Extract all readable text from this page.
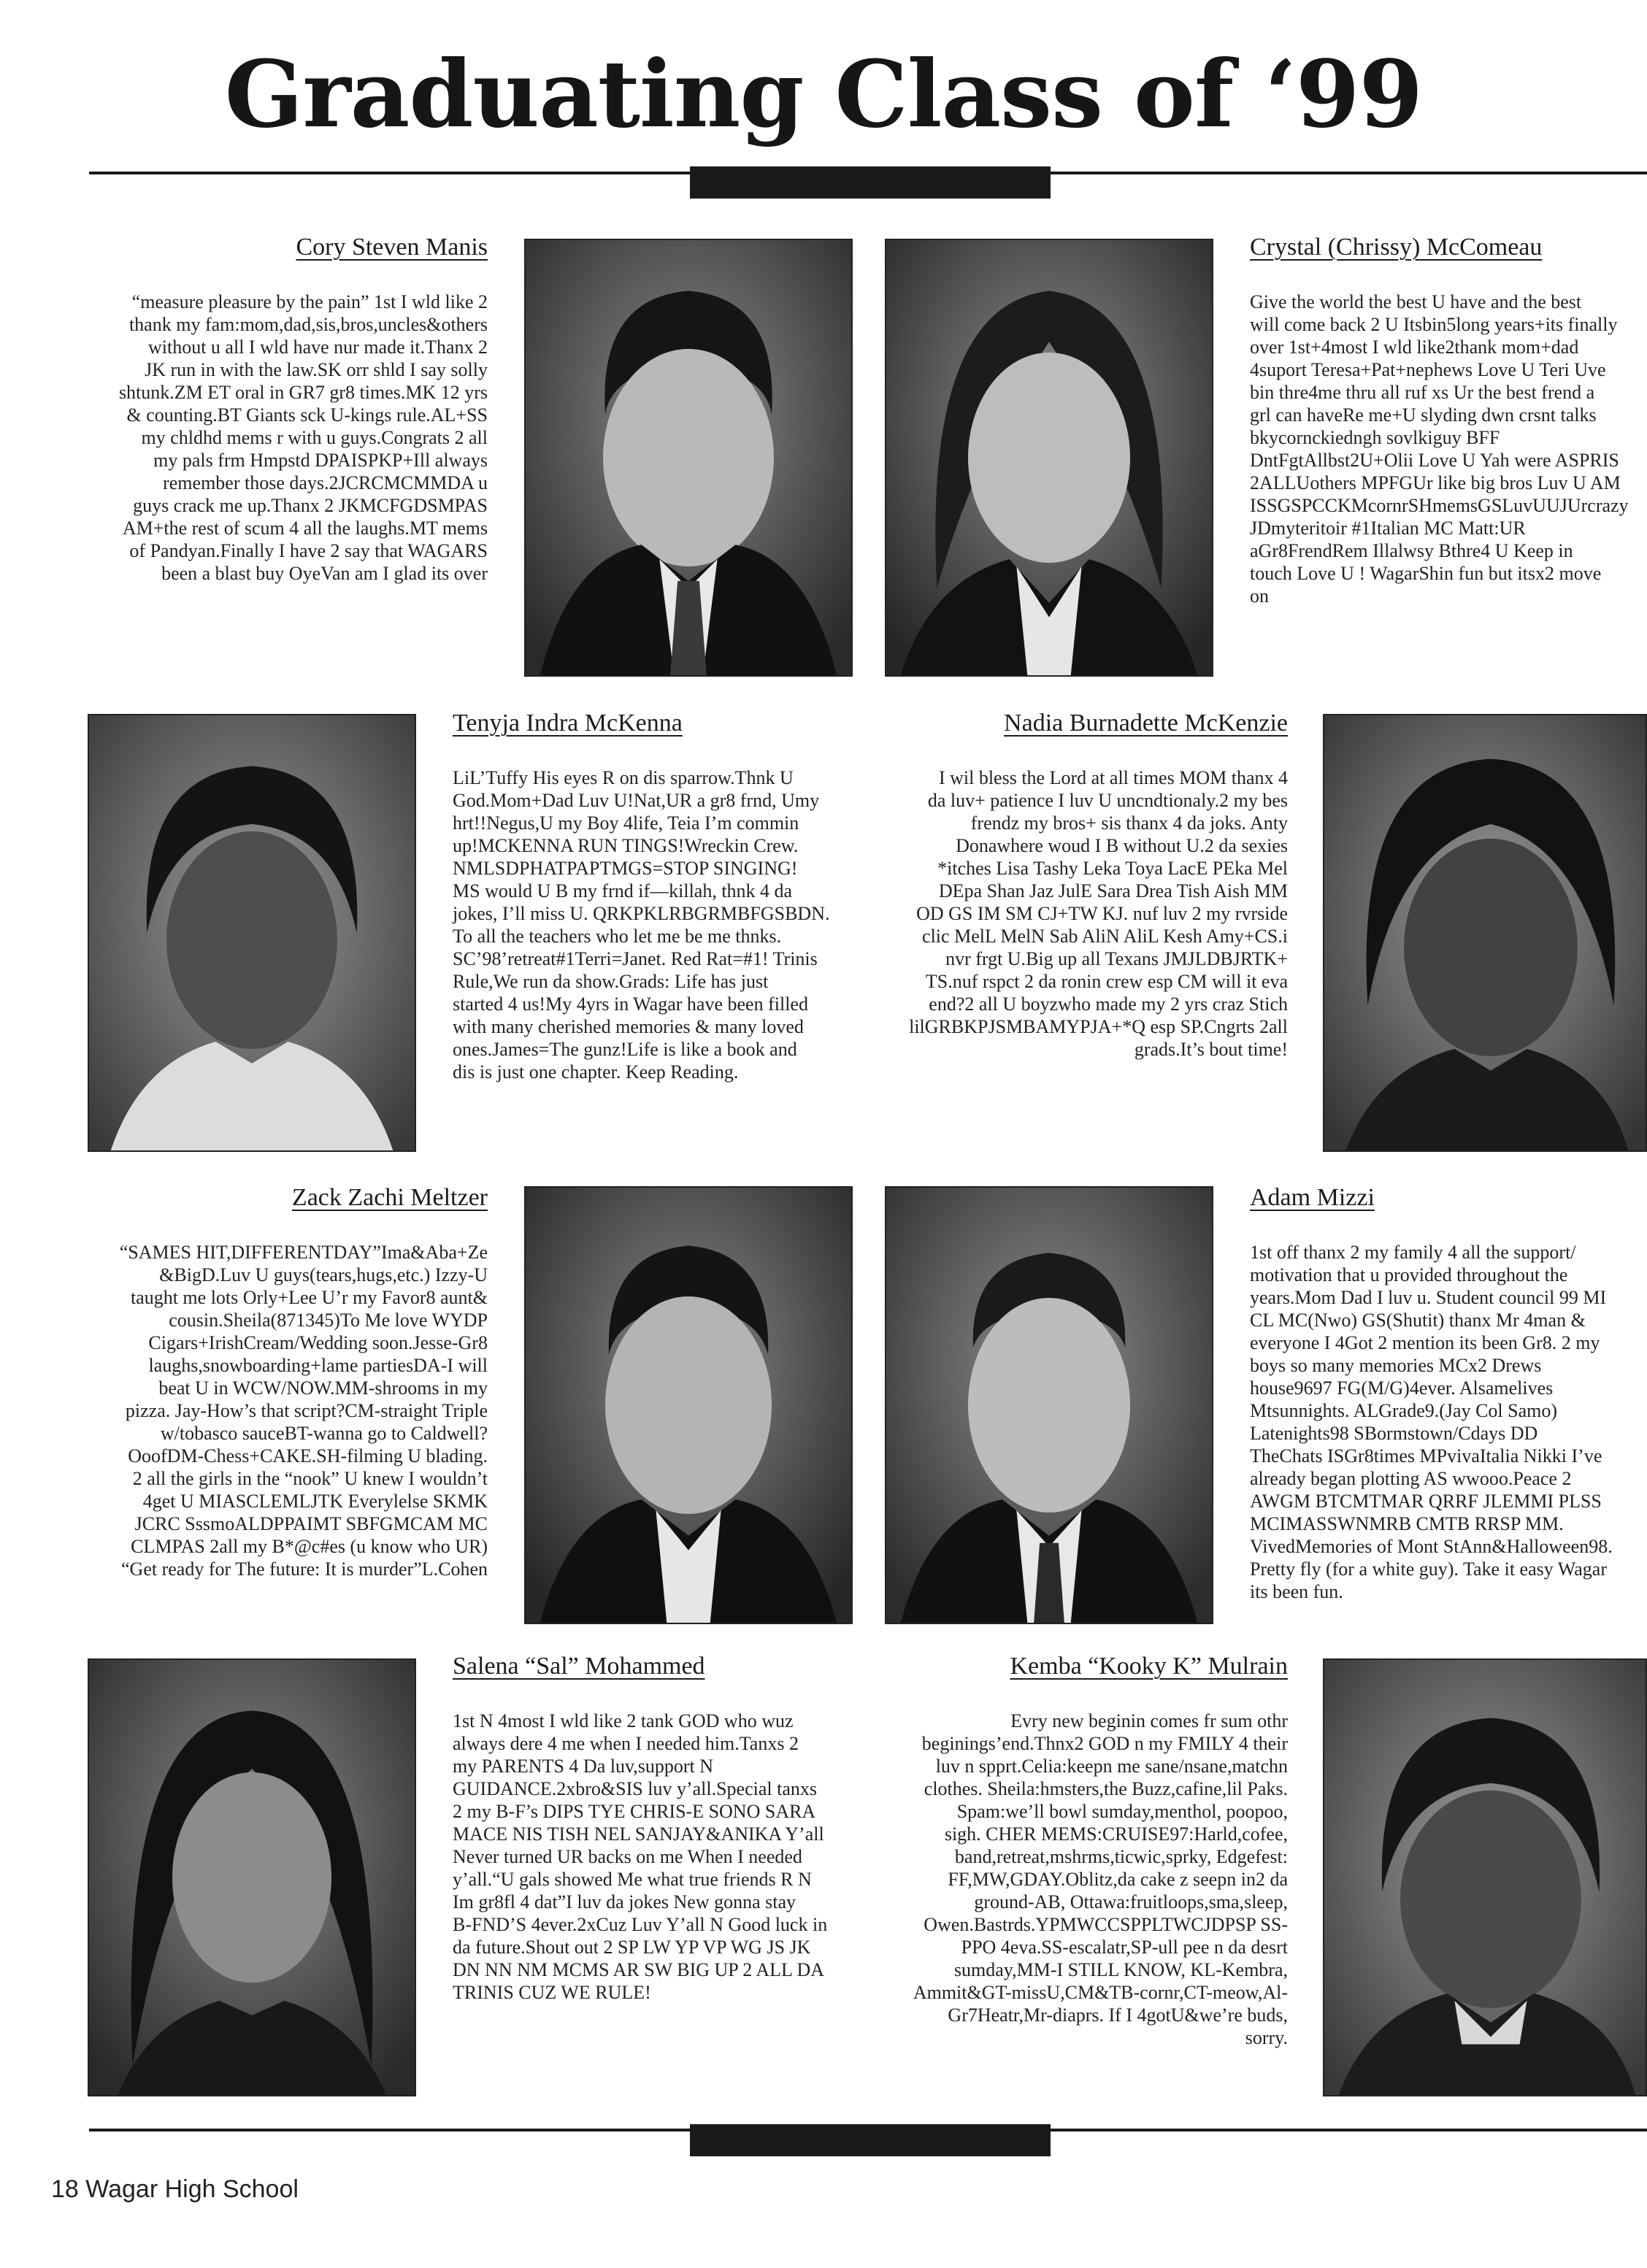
Graduating Class of ‘99
Cory Steven Manis
“measure pleasure by the pain” 1st I wld like 2
thank my fam:mom,dad,sis,bros,uncles&others
without u all I wld have nur made it.Thanx 2
JK run in with the law.SK orr shld I say solly
shtunk.ZM ET oral in GR7 gr8 times.MK 12 yrs
& counting.BT Giants sck U-kings rule.AL+SS
my chldhd mems r with u guys.Congrats 2 all
my pals frm Hmpstd DPAISPKP+Ill always
remember those days.2JCRCMCMMDA u
guys crack me up.Thanx 2 JKMCFGDSMPAS
AM+the rest of scum 4 all the laughs.MT mems
of Pandyan.Finally I have 2 say that WAGARS
been a blast buy OyeVan am I glad its over
Crystal (Chrissy) McComeau
Give the world the best U have and the best
will come back 2 U Itsbin5long years+its finally
over 1st+4most I wld like2thank mom+dad
4suport Teresa+Pat+nephews Love U Teri Uve
bin thre4me thru all ruf xs Ur the best frend a
grl can haveRe me+U slyding dwn crsnt talks
bkycornckiedngh sovlkiguy BFF
DntFgtAllbst2U+Olii Love U Yah were ASPRIS
2ALLUothers MPFGUr like big bros Luv U AM
ISSGSPCCKMcornrSHmemsGSLuvUUJUrcrazy
JDmyteritoir #1Italian MC Matt:UR
aGr8FrendRem Illalwsy Bthre4 U Keep in
touch Love U ! WagarShin fun but itsx2 move
on
Tenyja Indra McKenna
LiL’Tuffy His eyes R on dis sparrow.Thnk U
God.Mom+Dad Luv U!Nat,UR a gr8 frnd, Umy
hrt!!Negus,U my Boy 4life, Teia I’m commin
up!MCKENNA RUN TINGS!Wreckin Crew.
NMLSDPHATPAPTMGS=STOP SINGING!
MS would U B my frnd if—killah, thnk 4 da
jokes, I’ll miss U. QRKPKLRBGRMBFGSBDN.
To all the teachers who let me be me thnks.
SC’98’retreat#1Terri=Janet. Red Rat=#1! Trinis
Rule,We run da show.Grads: Life has just
started 4 us!My 4yrs in Wagar have been filled
with many cherished memories & many loved
ones.James=The gunz!Life is like a book and
dis is just one chapter. Keep Reading.
Nadia Burnadette McKenzie
I wil bless the Lord at all times MOM thanx 4
da luv+ patience I luv U uncndtionaly.2 my bes
frendz my bros+ sis thanx 4 da joks. Anty
Donawhere woud I B without U.2 da sexies
*itches Lisa Tashy Leka Toya LacE PEka Mel
DEpa Shan Jaz JulE Sara Drea Tish Aish MM
OD GS IM SM CJ+TW KJ. nuf luv 2 my rvrside
clic MelL MelN Sab AliN AliL Kesh Amy+CS.i
nvr frgt U.Big up all Texans JMJLDBJRTK+
TS.nuf rspct 2 da ronin crew esp CM will it eva
end?2 all U boyzwho made my 2 yrs craz Stich
lilGRBKPJSMBAMYPJA+*Q esp SP.Cngrts 2all
grads.It’s bout time!
Zack Zachi Meltzer
“SAMES HIT,DIFFERENTDAY”Ima&Aba+Ze
&BigD.Luv U guys(tears,hugs,etc.) Izzy-U
taught me lots Orly+Lee U’r my Favor8 aunt&
cousin.Sheila(871345)To Me love WYDP
Cigars+IrishCream/Wedding soon.Jesse-Gr8
laughs,snowboarding+lame partiesDA-I will
beat U in WCW/NOW.MM-shrooms in my
pizza. Jay-How’s that script?CM-straight Triple
w/tobasco sauceBT-wanna go to Caldwell?
OoofDM-Chess+CAKE.SH-filming U blading.
2 all the girls in the “nook” U knew I wouldn’t
4get U MIASCLEMLJTK Everylelse SKMK
JCRC SssmoALDPPAIMT SBFGMCAM MC
CLMPAS 2all my B*@c#es (u know who UR)
“Get ready for The future: It is murder”L.Cohen
Adam Mizzi
1st off thanx 2 my family 4 all the support/
motivation that u provided throughout the
years.Mom Dad I luv u. Student council 99 MI
CL MC(Nwo) GS(Shutit) thanx Mr 4man &
everyone I 4Got 2 mention its been Gr8. 2 my
boys so many memories MCx2 Drews
house9697 FG(M/G)4ever. Alsamelives
Mtsunnights. ALGrade9.(Jay Col Samo)
Latenights98 SBormstown/Cdays DD
TheChats ISGr8times MPvivaItalia Nikki I’ve
already began plotting AS wwooo.Peace 2
AWGM BTCMTMAR QRRF JLEMMI PLSS
MCIMASSWNMRB CMTB RRSP MM.
VivedMemories of Mont StAnn&Halloween98.
Pretty fly (for a white guy). Take it easy Wagar
its been fun.
Salena “Sal” Mohammed
1st N 4most I wld like 2 tank GOD who wuz
always dere 4 me when I needed him.Tanxs 2
my PARENTS 4 Da luv,support N
GUIDANCE.2xbro&SIS luv y’all.Special tanxs
2 my B-F’s DIPS TYE CHRIS-E SONO SARA
MACE NIS TISH NEL SANJAY&ANIKA Y’all
Never turned UR backs on me When I needed
y’all.“U gals showed Me what true friends R N
Im gr8fl 4 dat”I luv da jokes New gonna stay
B-FND’S 4ever.2xCuz Luv Y’all N Good luck in
da future.Shout out 2 SP LW YP VP WG JS JK
DN NN NM MCMS AR SW BIG UP 2 ALL DA
TRINIS CUZ WE RULE!
Kemba “Kooky K” Mulrain
Evry new beginin comes fr sum othr
beginings’end.Thnx2 GOD n my FMILY 4 their
luv n spprt.Celia:keepn me sane/nsane,matchn
clothes. Sheila:hmsters,the Buzz,cafine,lil Paks.
Spam:we’ll bowl sumday,menthol, poopoo,
sigh. CHER MEMS:CRUISE97:Harld,cofee,
band,retreat,mshrms,ticwic,sprky, Edgefest:
FF,MW,GDAY.Oblitz,da cake z seepn in2 da
ground-AB, Ottawa:fruitloops,sma,sleep,
Owen.Bastrds.YPMWCCSPPLTWCJDPSP SS-
PPO 4eva.SS-escalatr,SP-ull pee n da desrt
sumday,MM-I STILL KNOW, KL-Kembra,
Ammit&GT-missU,CM&TB-cornr,CT-meow,Al-
Gr7Heatr,Mr-diaprs. If I 4gotU&we’re buds,
sorry.
18 Wagar High School
